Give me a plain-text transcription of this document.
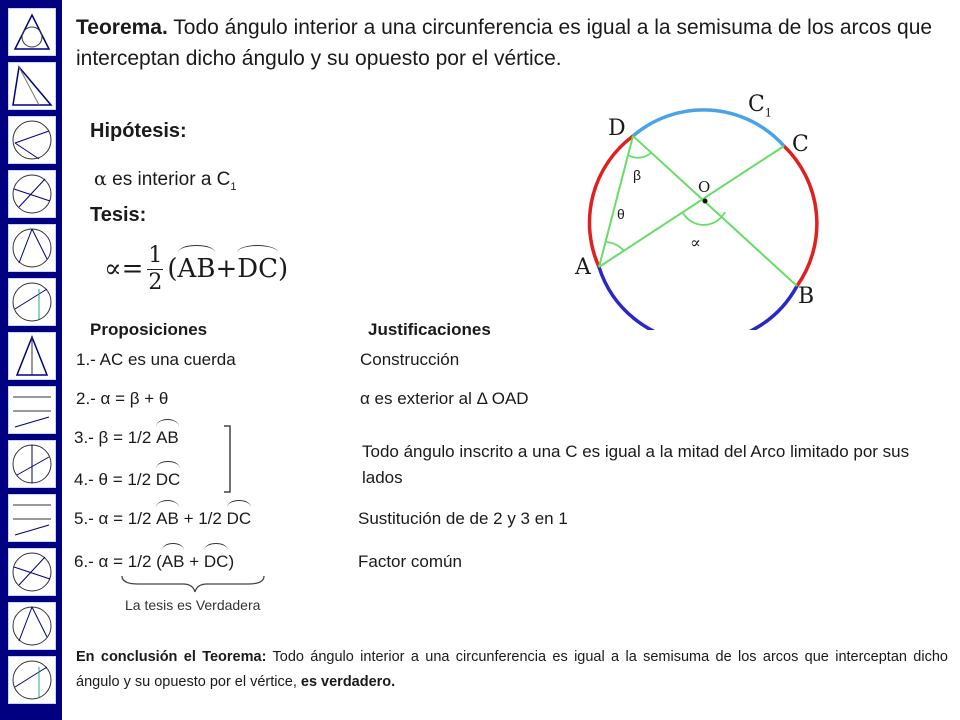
Teorema. Todo ángulo interior a una circunferencia es igual a la semisuma de los arcos que interceptan dicho ángulo y su opuesto por el vértice.
Hipótesis:
α es interior a $C_1$
Tesis:
∝= 1
2 ( AB + DC )
D
$C_1$
C
O
A
B
β
θ
∝
Proposiciones	Justificaciones
1.- AC es una cuerda	Construcción
2.- α = β + θ	α es exterior al Δ OAD
3.- β = 1/2 AB
4.- θ = 1/2 DC
Todo ángulo inscrito a una C es igual a la mitad del Arco limitado por sus lados
5.- α = 1/2 AB + 1/2 DC	Sustitución de de 2 y 3 en 1
6.- α = 1/2 (AB + DC)	Factor común
La tesis es Verdadera
En conclusión el Teorema: Todo ángulo interior a una circunferencia es igual a la semisuma de los arcos que interceptan dicho ángulo y su opuesto por el vértice, es verdadero.
